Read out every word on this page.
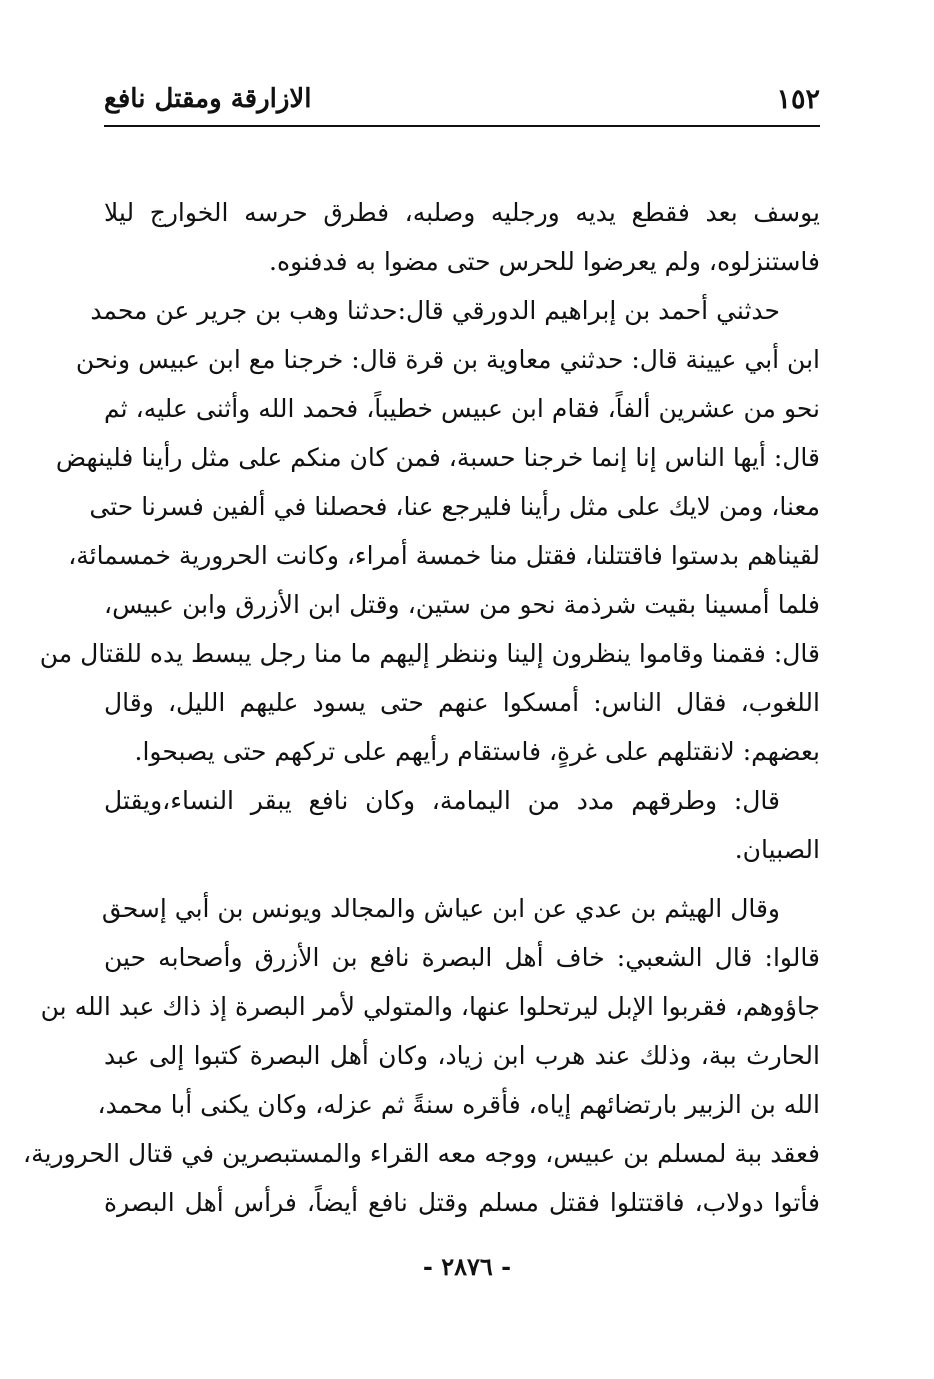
١٥٢
الازارقة ومقتل نافع
يوسف بعد فقطع يديه ورجليه وصلبه، فطرق حرسه الخوارج ليلا
فاستنزلوه، ولم يعرضوا للحرس حتى مضوا به فدفنوه.
حدثني أحمد بن إبراهيم الدورقي قال:حدثنا وهب بن جرير عن محمد
ابن أبي عيينة قال: حدثني معاوية بن قرة قال: خرجنا مع ابن عبيس ونحن
نحو من عشرين ألفاً، فقام ابن عبيس خطيباً، فحمد الله وأثنى عليه، ثم
قال: أيها الناس إنا إنما خرجنا حسبة، فمن كان منكم على مثل رأينا فلينهض
معنا، ومن لايك على مثل رأينا فليرجع عنا، فحصلنا في ألفين فسرنا حتى
لقيناهم بدستوا فاقتتلنا، فقتل منا خمسة أمراء، وكانت الحرورية خمسمائة،
فلما أمسينا بقيت شرذمة نحو من ستين، وقتل ابن الأزرق وابن عبيس،
قال: فقمنا وقاموا ينظرون إلينا وننظر إليهم ما منا رجل يبسط يده للقتال من
اللغوب، فقال الناس: أمسكوا عنهم حتى يسود عليهم الليل، وقال
بعضهم: لانقتلهم على غرةٍ، فاستقام رأيهم على تركهم حتى يصبحوا.
قال: وطرقهم مدد من اليمامة، وكان نافع يبقر النساء،ويقتل
الصبيان.
وقال الهيثم بن عدي عن ابن عياش والمجالد ويونس بن أبي إسحق
قالوا: قال الشعبي: خاف أهل البصرة نافع بن الأزرق وأصحابه حين
جاؤوهم، فقربوا الإبل ليرتحلوا عنها، والمتولي لأمر البصرة إذ ذاك عبد الله بن
الحارث ببة، وذلك عند هرب ابن زياد، وكان أهل البصرة كتبوا إلى عبد
الله بن الزبير بارتضائهم إياه، فأقره سنةً ثم عزله، وكان يكنى أبا محمد،
فعقد ببة لمسلم بن عبيس، ووجه معه القراء والمستبصرين في قتال الحرورية،
فأتوا دولاب، فاقتتلوا فقتل مسلم وقتل نافع أيضاً، فرأس أهل البصرة
- ٢٨٧٦ -
